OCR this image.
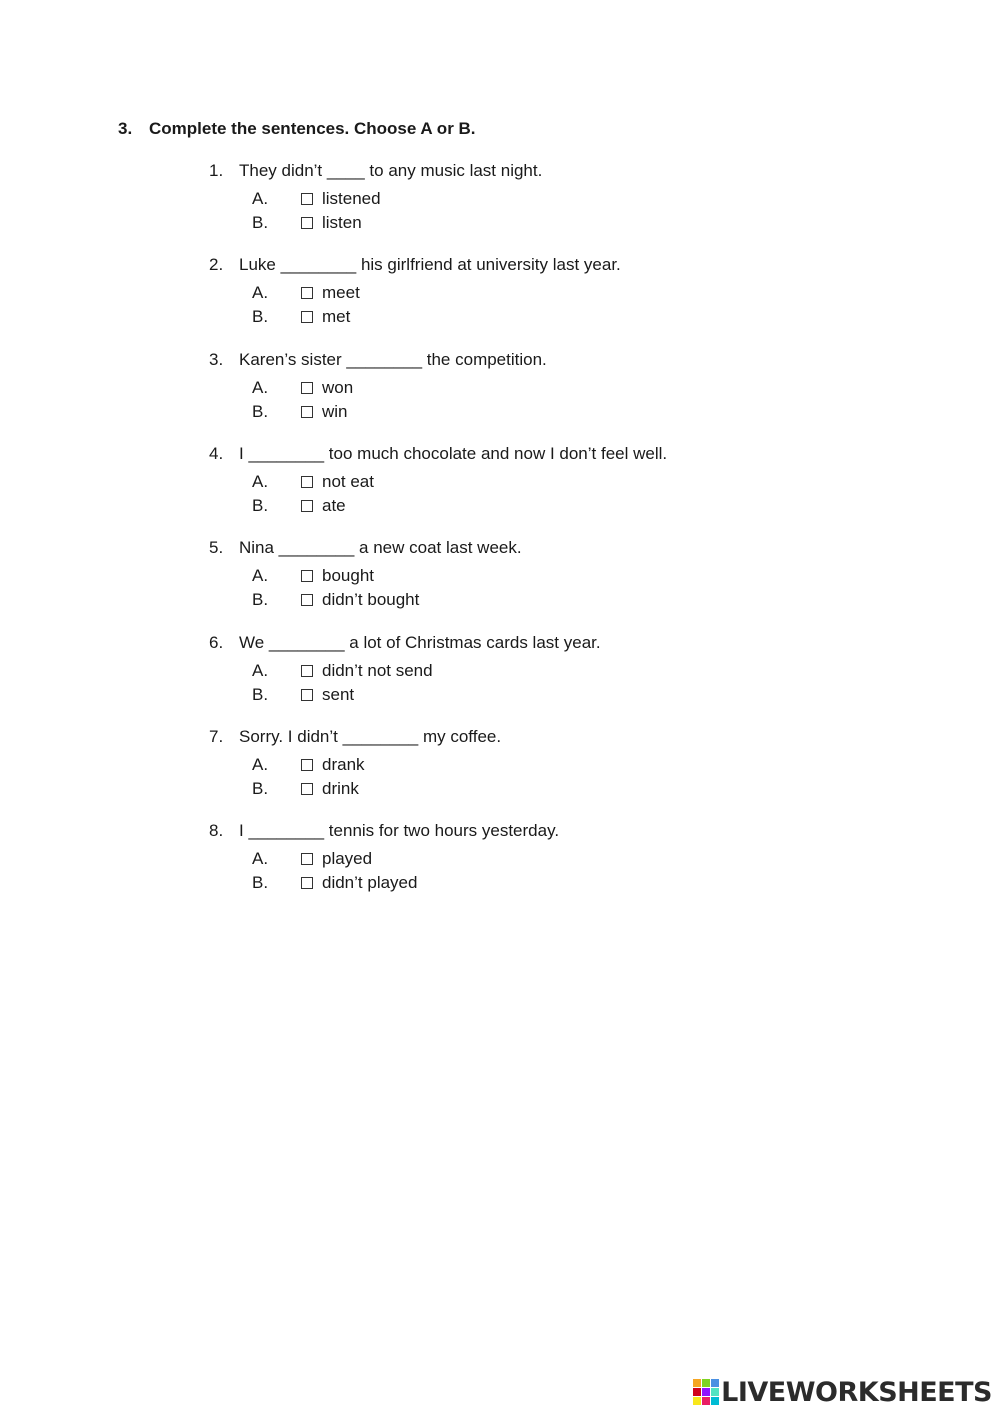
3. Complete the sentences. Choose A or B.
1. They didn’t ____ to any music last night.
A.	listened
B.	listen
2. Luke ________ his girlfriend at university last year.
A.	meet
B.	met
3. Karen’s sister ________ the competition.
A.	won
B.	win
4. I ________ too much chocolate and now I don’t feel well.
A.	not eat
B.	ate
5. Nina ________ a new coat last week.
A.	bought
B.	didn’t bought
6. We ________ a lot of Christmas cards last year.
A.	didn’t not send
B.	sent
7. Sorry. I didn’t ________ my coffee.
A.	drank
B.	drink
8. I ________ tennis for two hours yesterday.
A.	played
B.	didn’t played
LIVEWORKSHEETS
